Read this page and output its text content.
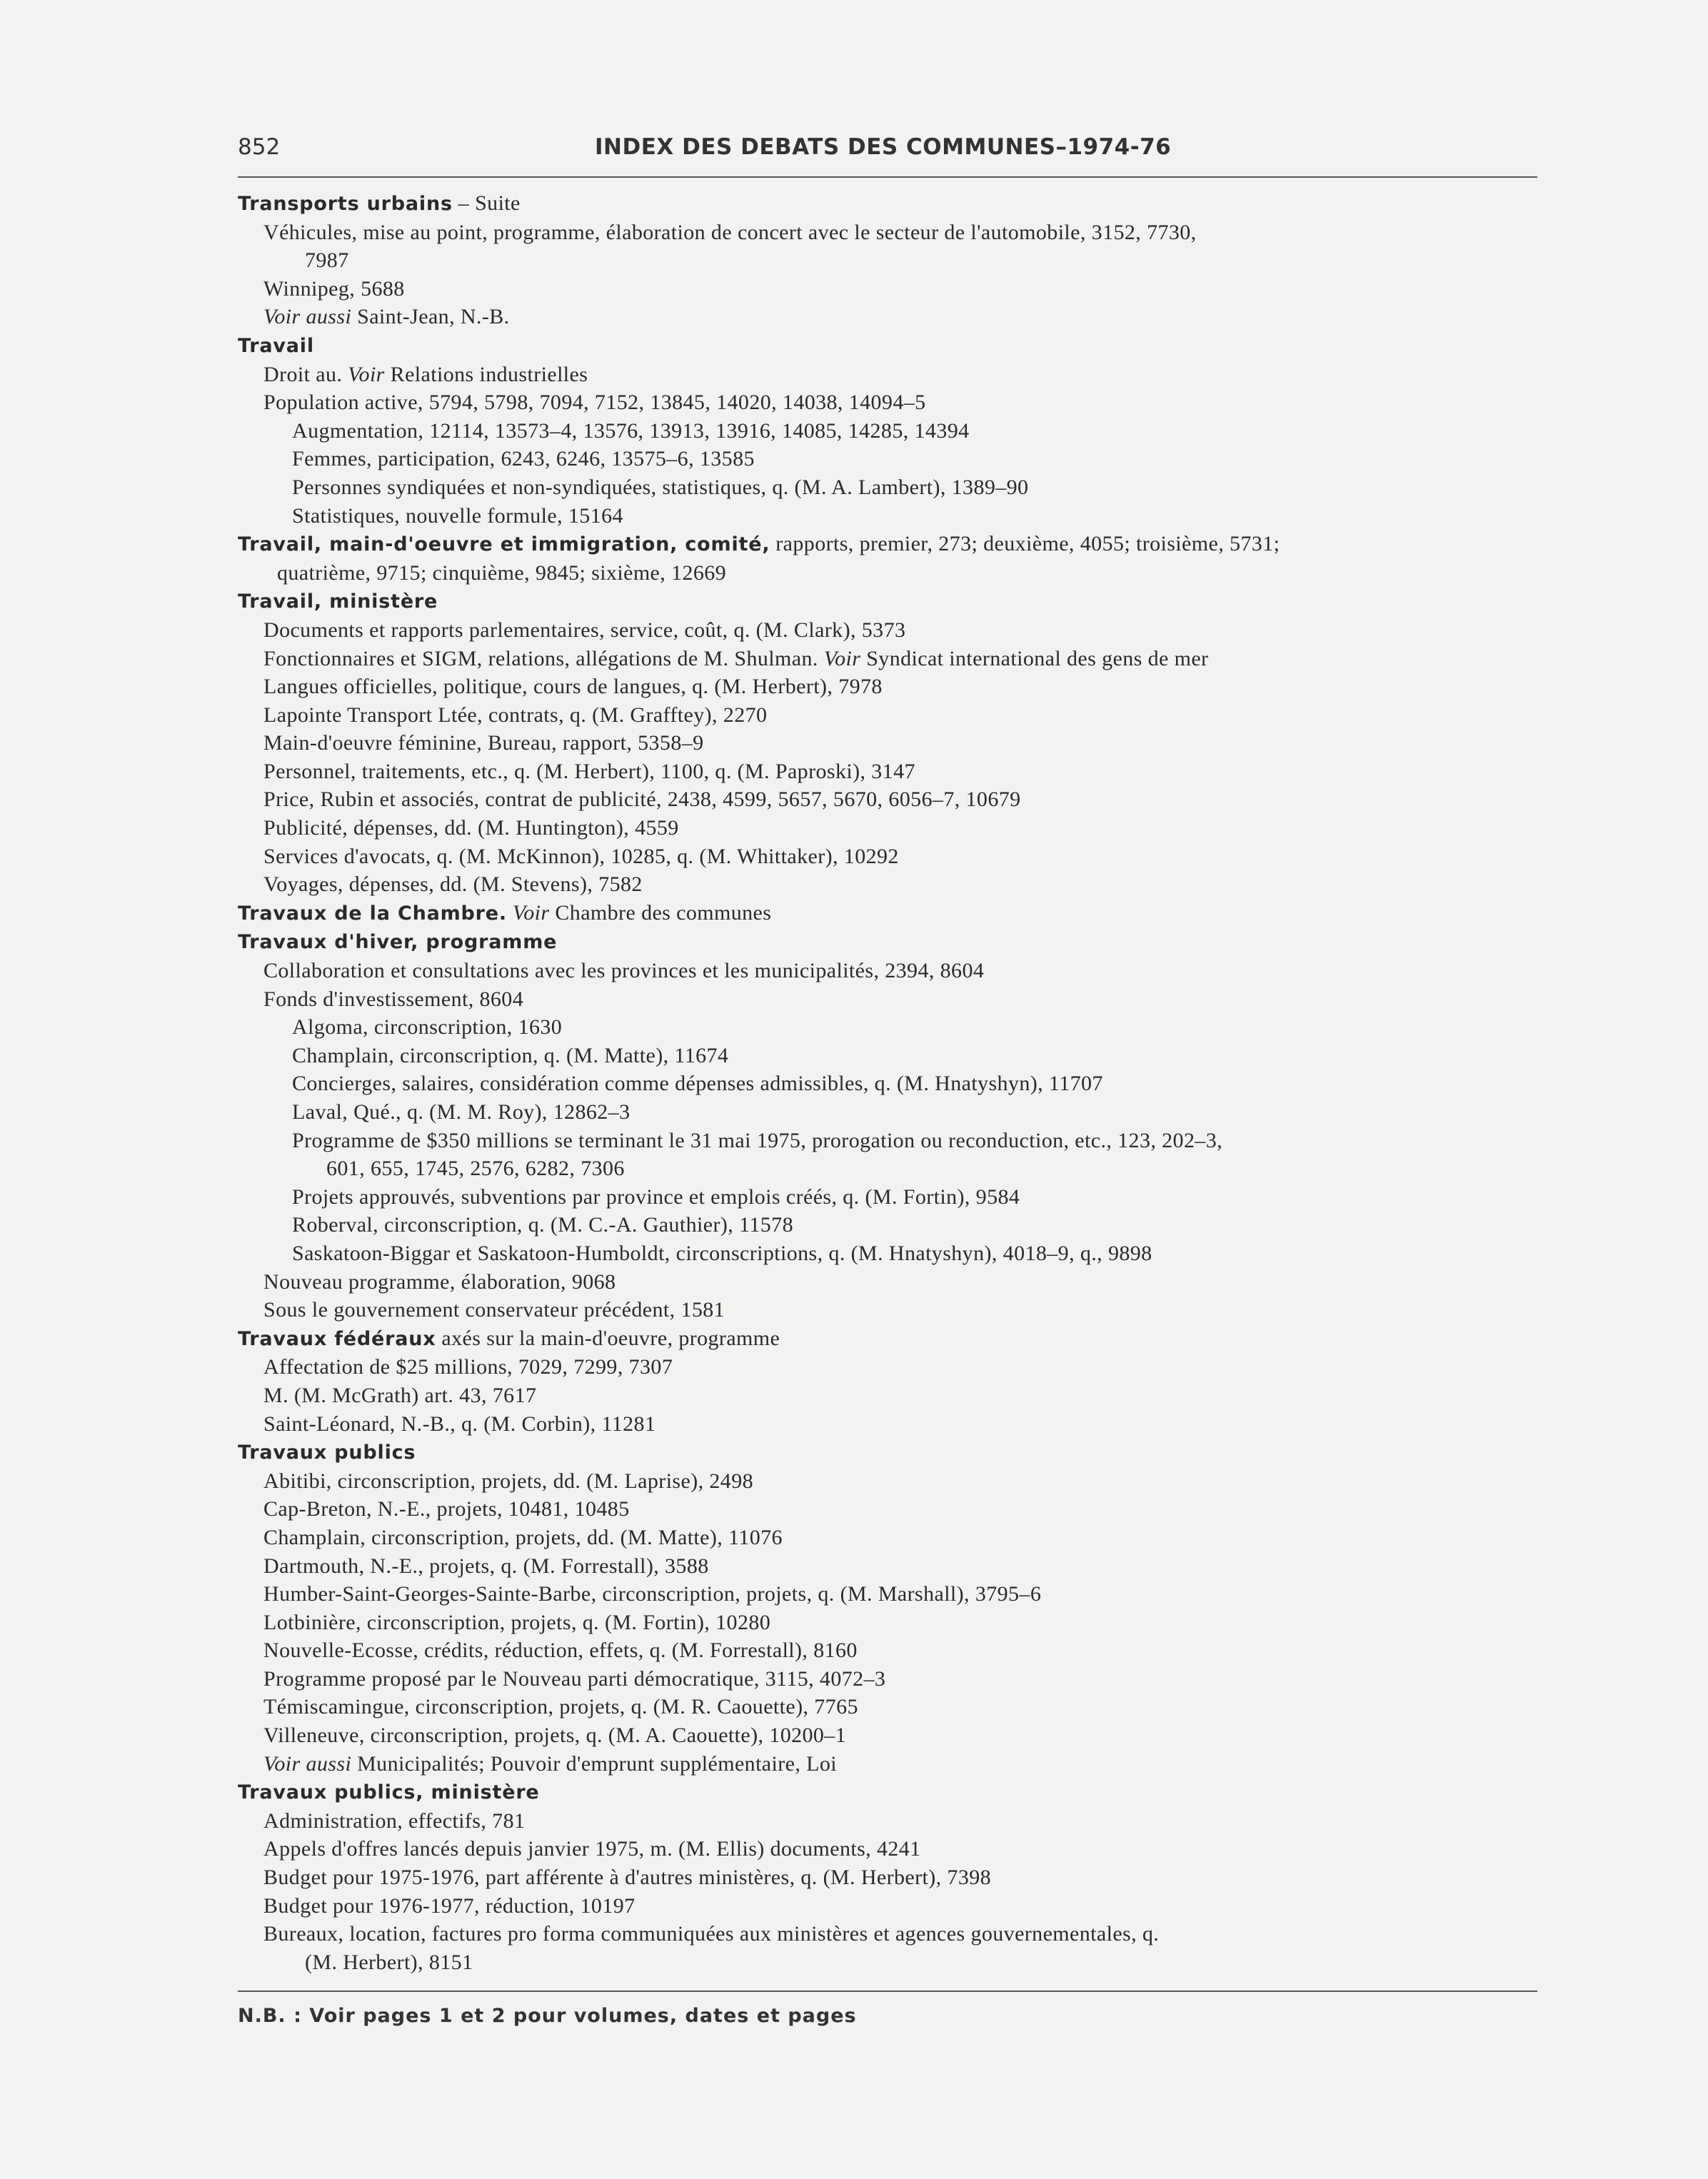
852	INDEX DES DEBATS DES COMMUNES–1974-76
Transports urbains – Suite
Véhicules, mise au point, programme, élaboration de concert avec le secteur de l'automobile, 3152, 7730,
7987
Winnipeg, 5688
Voir aussi Saint-Jean, N.-B.
Travail
Droit au. Voir Relations industrielles
Population active, 5794, 5798, 7094, 7152, 13845, 14020, 14038, 14094–5
Augmentation, 12114, 13573–4, 13576, 13913, 13916, 14085, 14285, 14394
Femmes, participation, 6243, 6246, 13575–6, 13585
Personnes syndiquées et non-syndiquées, statistiques, q. (M. A. Lambert), 1389–90
Statistiques, nouvelle formule, 15164
Travail, main-d'oeuvre et immigration, comité, rapports, premier, 273; deuxième, 4055; troisième, 5731;
quatrième, 9715; cinquième, 9845; sixième, 12669
Travail, ministère
Documents et rapports parlementaires, service, coût, q. (M. Clark), 5373
Fonctionnaires et SIGM, relations, allégations de M. Shulman. Voir Syndicat international des gens de mer
Langues officielles, politique, cours de langues, q. (M. Herbert), 7978
Lapointe Transport Ltée, contrats, q. (M. Grafftey), 2270
Main-d'oeuvre féminine, Bureau, rapport, 5358–9
Personnel, traitements, etc., q. (M. Herbert), 1100, q. (M. Paproski), 3147
Price, Rubin et associés, contrat de publicité, 2438, 4599, 5657, 5670, 6056–7, 10679
Publicité, dépenses, dd. (M. Huntington), 4559
Services d'avocats, q. (M. McKinnon), 10285, q. (M. Whittaker), 10292
Voyages, dépenses, dd. (M. Stevens), 7582
Travaux de la Chambre. Voir Chambre des communes
Travaux d'hiver, programme
Collaboration et consultations avec les provinces et les municipalités, 2394, 8604
Fonds d'investissement, 8604
Algoma, circonscription, 1630
Champlain, circonscription, q. (M. Matte), 11674
Concierges, salaires, considération comme dépenses admissibles, q. (M. Hnatyshyn), 11707
Laval, Qué., q. (M. M. Roy), 12862–3
Programme de $350 millions se terminant le 31 mai 1975, prorogation ou reconduction, etc., 123, 202–3,
601, 655, 1745, 2576, 6282, 7306
Projets approuvés, subventions par province et emplois créés, q. (M. Fortin), 9584
Roberval, circonscription, q. (M. C.-A. Gauthier), 11578
Saskatoon-Biggar et Saskatoon-Humboldt, circonscriptions, q. (M. Hnatyshyn), 4018–9, q., 9898
Nouveau programme, élaboration, 9068
Sous le gouvernement conservateur précédent, 1581
Travaux fédéraux axés sur la main-d'oeuvre, programme
Affectation de $25 millions, 7029, 7299, 7307
M. (M. McGrath) art. 43, 7617
Saint-Léonard, N.-B., q. (M. Corbin), 11281
Travaux publics
Abitibi, circonscription, projets, dd. (M. Laprise), 2498
Cap-Breton, N.-E., projets, 10481, 10485
Champlain, circonscription, projets, dd. (M. Matte), 11076
Dartmouth, N.-E., projets, q. (M. Forrestall), 3588
Humber-Saint-Georges-Sainte-Barbe, circonscription, projets, q. (M. Marshall), 3795–6
Lotbinière, circonscription, projets, q. (M. Fortin), 10280
Nouvelle-Ecosse, crédits, réduction, effets, q. (M. Forrestall), 8160
Programme proposé par le Nouveau parti démocratique, 3115, 4072–3
Témiscamingue, circonscription, projets, q. (M. R. Caouette), 7765
Villeneuve, circonscription, projets, q. (M. A. Caouette), 10200–1
Voir aussi Municipalités; Pouvoir d'emprunt supplémentaire, Loi
Travaux publics, ministère
Administration, effectifs, 781
Appels d'offres lancés depuis janvier 1975, m. (M. Ellis) documents, 4241
Budget pour 1975-1976, part afférente à d'autres ministères, q. (M. Herbert), 7398
Budget pour 1976-1977, réduction, 10197
Bureaux, location, factures pro forma communiquées aux ministères et agences gouvernementales, q.
(M. Herbert), 8151
N.B. : Voir pages 1 et 2 pour volumes, dates et pages
